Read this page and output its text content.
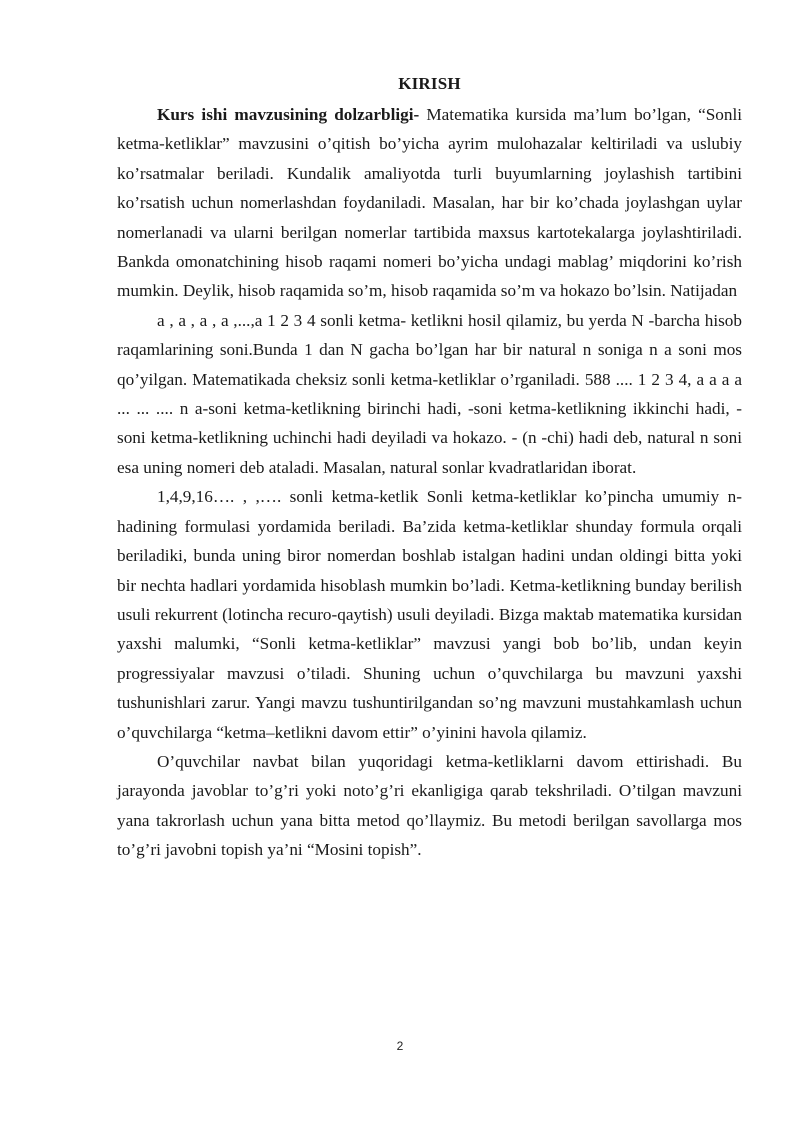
KIRISH

Kurs ishi mavzusining dolzarbligi- Matematika kursida ma’lum bo’lgan, “Sonli ketma-ketliklar” mavzusini o’qitish bo’yicha ayrim mulohazalar keltiriladi va uslubiy ko’rsatmalar beriladi. Kundalik amaliyotda turli buyumlarning joylashish tartibini ko’rsatish uchun nomerlashdan foydaniladi. Masalan, har bir ko’chada joylashgan uylar nomerlanadi va ularni berilgan nomerlar tartibida maxsus kartotekalarga joylashtiriladi. Bankda omonatchining hisob raqami nomeri bo’yicha undagi mablag’ miqdorini ko’rish mumkin. Deylik, hisob raqamida so’m, hisob raqamida so’m va hokazo bo’lsin. Natijadan

a , a , a , a ,...,a 1 2 3 4 sonli ketma- ketlikni hosil qilamiz, bu yerda N -barcha hisob raqamlarining soni.Bunda 1 dan N gacha bo’lgan har bir natural n soniga n a soni mos qo’yilgan. Matematikada cheksiz sonli ketma-ketliklar o’rganiladi. 588 .... 1 2 3 4, a a a a ... ... .... n a-soni ketma-ketlikning birinchi hadi, -soni ketma-ketlikning ikkinchi hadi, -soni ketma-ketlikning uchinchi hadi deyiladi va hokazo. - (n -chi) hadi deb, natural n soni esa uning nomeri deb ataladi. Masalan, natural sonlar kvadratlaridan iborat.

1,4,9,16…. , ,…. sonli ketma-ketlik Sonli ketma-ketliklar ko’pincha umumiy n-hadining formulasi yordamida beriladi. Ba’zida ketma-ketliklar shunday formula orqali beriladiki, bunda uning biror nomerdan boshlab istalgan hadini undan oldingi bitta yoki bir nechta hadlari yordamida hisoblash mumkin bo’ladi. Ketma-ketlikning bunday berilish usuli rekurrent (lotincha recuro-qaytish) usuli deyiladi. Bizga maktab matematika kursidan yaxshi malumki, “Sonli ketma-ketliklar” mavzusi yangi bob bo’lib, undan keyin progressiyalar mavzusi o’tiladi. Shuning uchun o’quvchilarga bu mavzuni yaxshi tushunishlari zarur. Yangi mavzu tushuntirilgandan so’ng mavzuni mustahkamlash uchun o’quvchilarga “ketma–ketlikni davom ettir” o’yinini havola qilamiz.

O’quvchilar navbat bilan yuqoridagi ketma-ketliklarni davom ettirishadi. Bu jarayonda javoblar to’g’ri yoki noto’g’ri ekanligiga qarab tekshriladi. O’tilgan mavzuni yana takrorlash uchun yana bitta metod qo’llaymiz. Bu metodi berilgan savollarga mos to’g’ri javobni topish ya’ni “Mosini topish”.

2
